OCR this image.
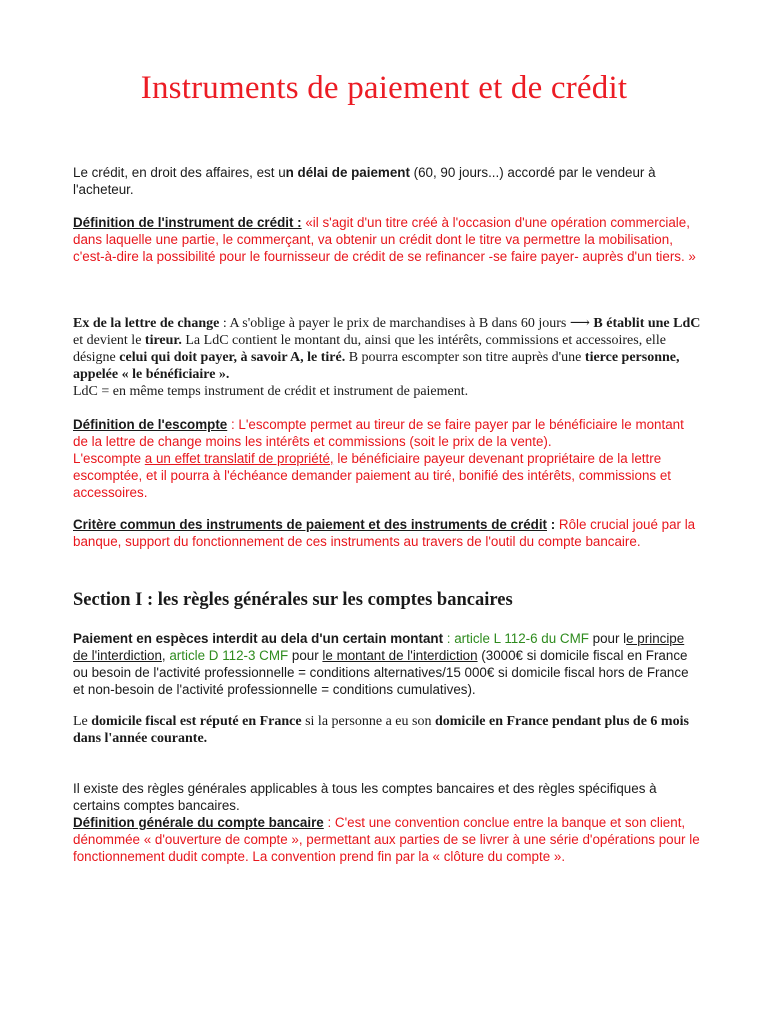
Instruments de paiement et de crédit

Le crédit, en droit des affaires, est un délai de paiement (60, 90 jours...) accordé par le vendeur à l'acheteur.

Définition de l'instrument de crédit : «il s'agit d'un titre créé à l'occasion d'une opération commerciale, dans laquelle une partie, le commerçant, va obtenir un crédit dont le titre va permettre la mobilisation, c'est-à-dire la possibilité pour le fournisseur de crédit de se refinancer -se faire payer- auprès d'un tiers. »

Ex de la lettre de change : A s'oblige à payer le prix de marchandises à B dans 60 jours ⟶ B établit une LdC et devient le tireur. La LdC contient le montant du, ainsi que les intérêts, commissions et accessoires, elle désigne celui qui doit payer, à savoir A, le tiré. B pourra escompter son titre auprès d'une tierce personne, appelée « le bénéficiaire ».
LdC = en même temps instrument de crédit et instrument de paiement.

Définition de l'escompte : L'escompte permet au tireur de se faire payer par le bénéficiaire le montant de la lettre de change moins les intérêts et commissions (soit le prix de la vente).
L'escompte a un effet translatif de propriété, le bénéficiaire payeur devenant propriétaire de la lettre escomptée, et il pourra à l'échéance demander paiement au tiré, bonifié des intérêts, commissions et accessoires.

Critère commun des instruments de paiement et des instruments de crédit : Rôle crucial joué par la banque, support du fonctionnement de ces instruments au travers de l'outil du compte bancaire.

Section I : les règles générales sur les comptes bancaires

Paiement en espèces interdit au dela d'un certain montant : article L 112-6 du CMF pour le principe de l'interdiction, article D 112-3 CMF pour le montant de l'interdiction (3000€ si domicile fiscal en France ou besoin de l'activité professionnelle = conditions alternatives/15 000€ si domicile fiscal hors de France et non-besoin de l'activité professionnelle = conditions cumulatives).

Le domicile fiscal est réputé en France si la personne a eu son domicile en France pendant plus de 6 mois dans l'année courante.

Il existe des règles générales applicables à tous les comptes bancaires et des règles spécifiques à certains comptes bancaires.
Définition générale du compte bancaire : C'est une convention conclue entre la banque et son client, dénommée « d'ouverture de compte », permettant aux parties de se livrer à une série d'opérations pour le fonctionnement dudit compte. La convention prend fin par la « clôture du compte ».
